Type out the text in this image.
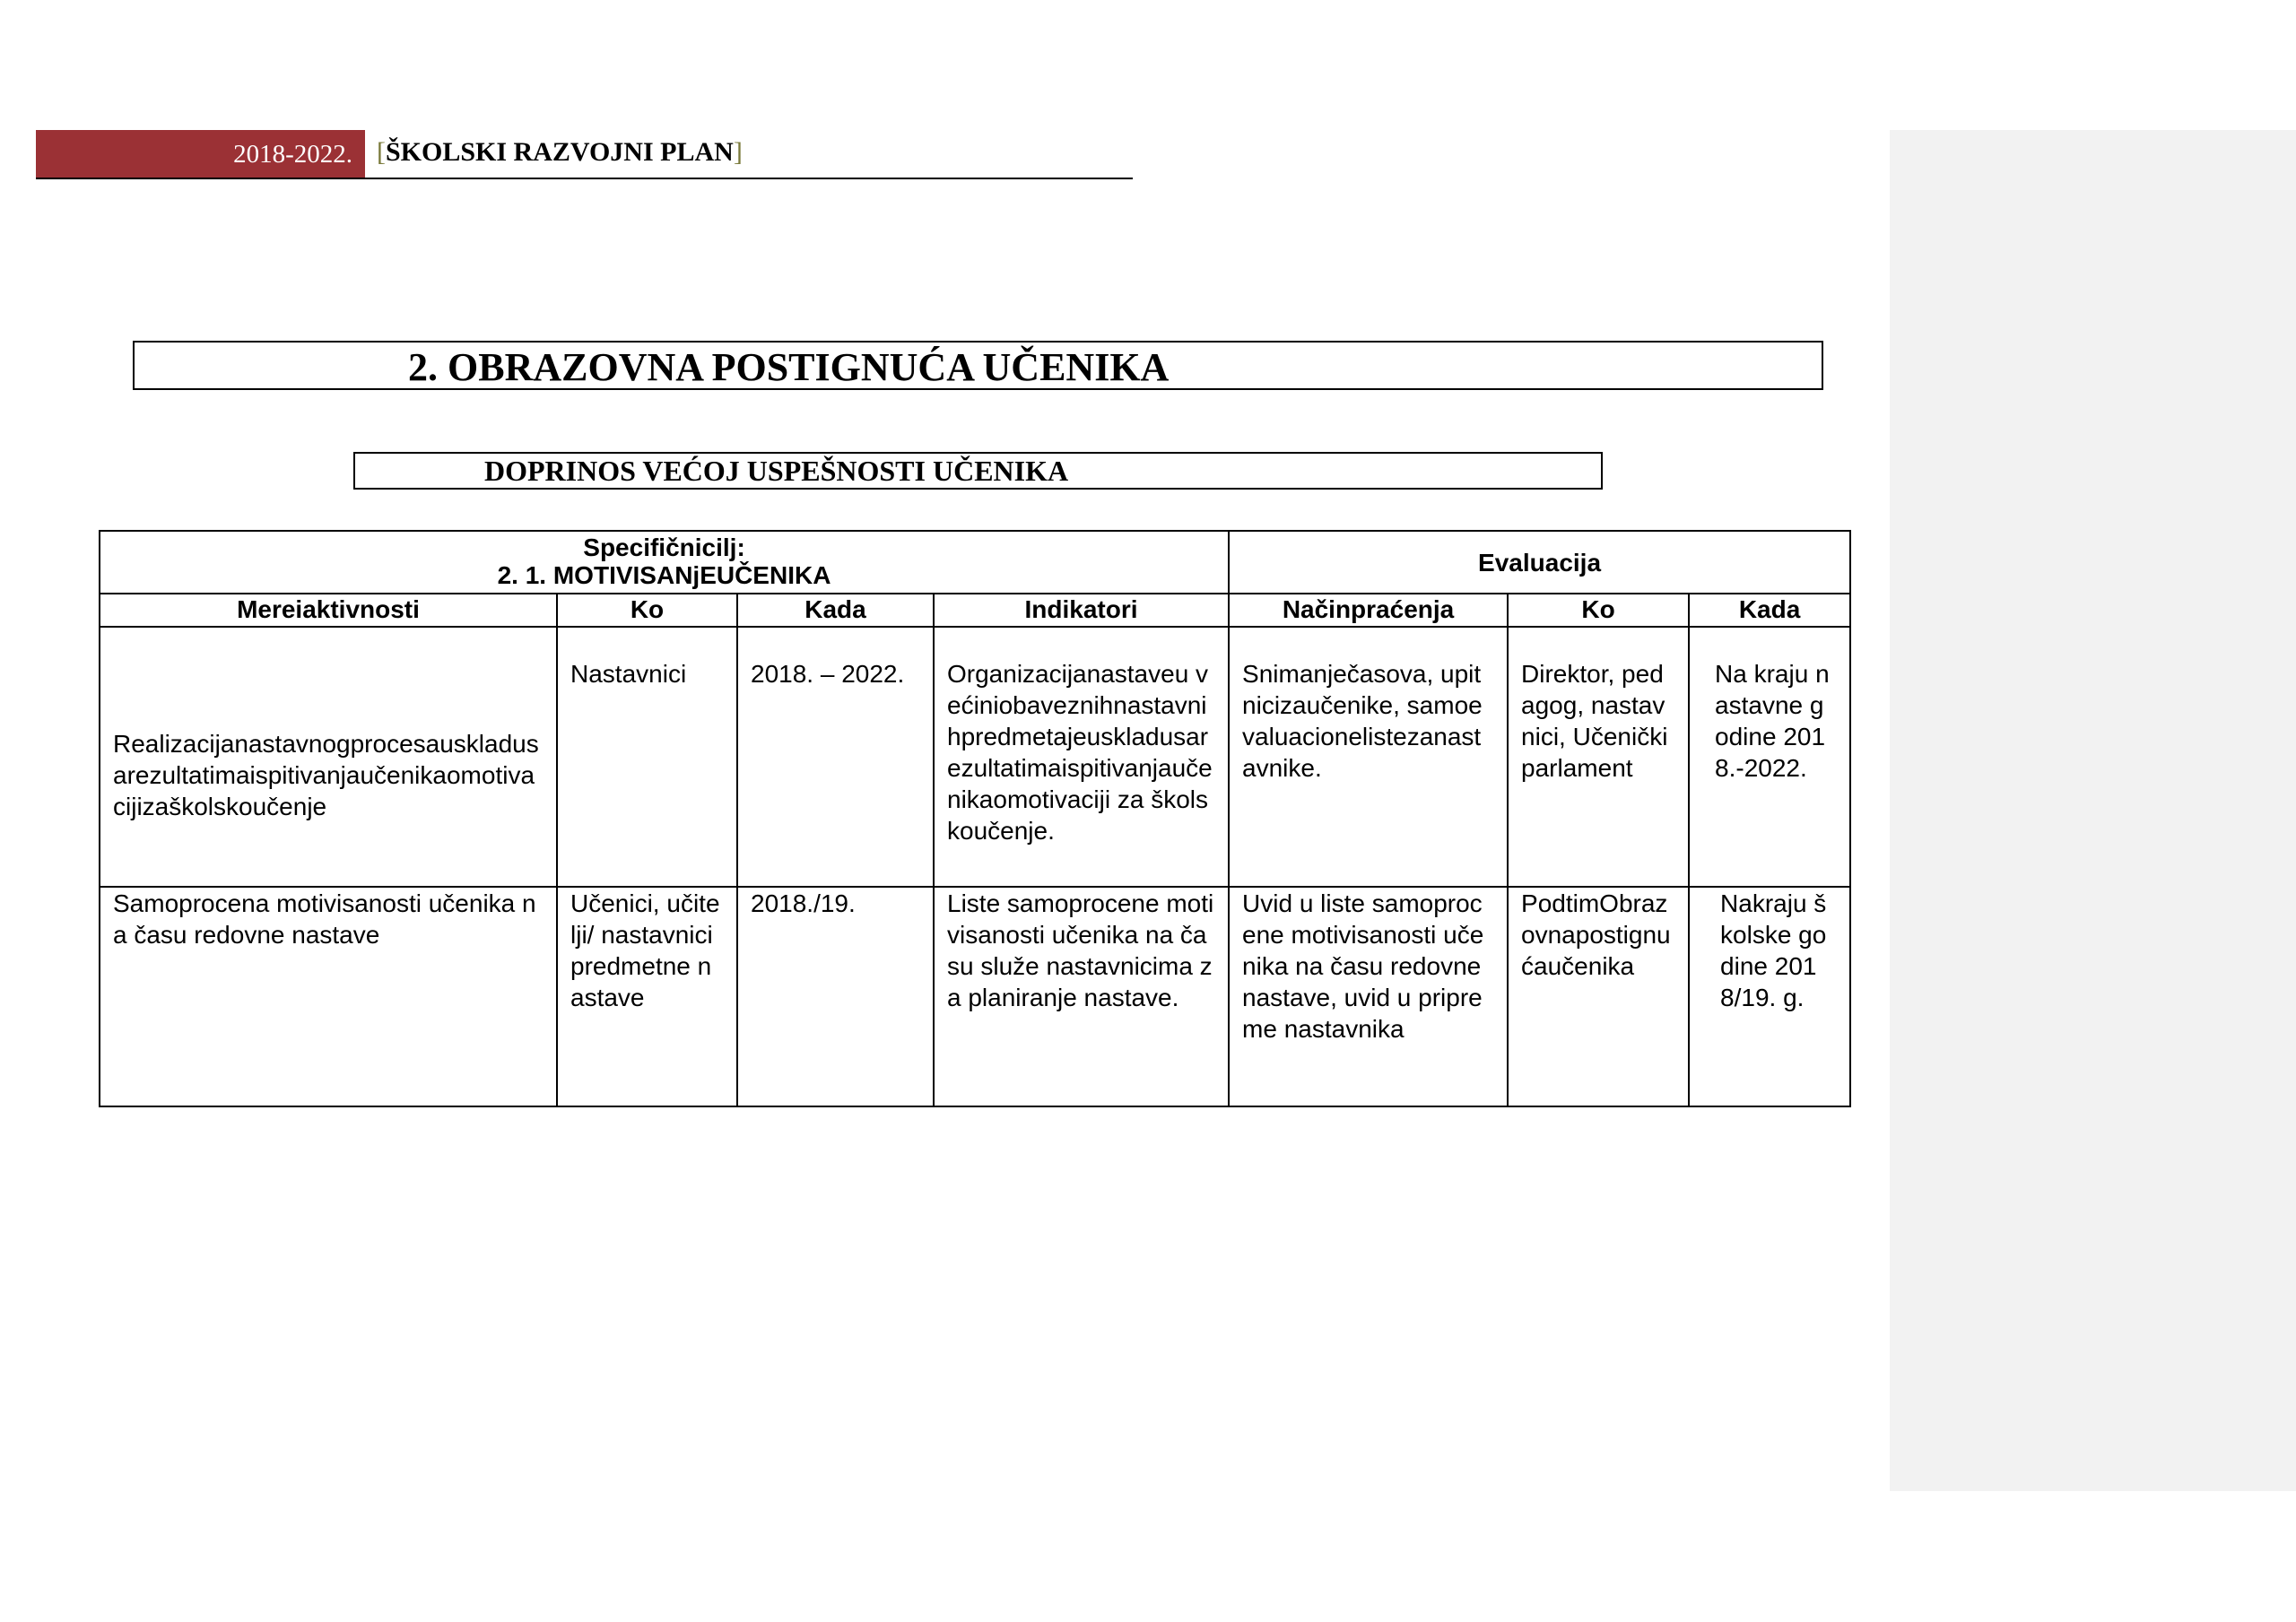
2018-2022. [ŠKOLSKI RAZVOJNI PLAN]
2. OBRAZOVNA POSTIGNUĆA UČENIKA
DOPRINOS VEĆOJ USPEŠNOSTI UČENIKA
Specifičnicilj:
2. 1. MOTIVISANjEUČENIKA				Evaluacija		
Mereiaktivnosti	Ko	Kada	Indikatori	Načinpraćenja	Ko	Kada
Realizacijanastavnogprocesauskladusarezultatimaispitivanjaučenikaomotivacijizaškolskoučenje	Nastavnici	2018. – 2022.	Organizacijanastaveu većiniobaveznihnastavnihpredmetajeuskladusarezultatimaispitivanjaučenikaomotivaciji za školskoučenje.	Snimanječasova, upitnicizaučenike, samoevaluacionelistezanastavnike.	Direktor, pedagog, nastavnici, Učenički parlament	Na kraju nastavne godine 2018.-2022.
Samoprocena motivisanosti učenika na času redovne nastave	Učenici, učitelji/ nastavnici predmetne nastave	2018./19.	Liste samoprocene motivisanosti učenika na času služe nastavnicima za planiranje nastave.	Uvid u liste samoprocene motivisanosti učenika na času redovne nastave, uvid u pripreme nastavnika	PodtimObrazovnapostignućaučenika	Nakraju školske godine 2018/19. g.
